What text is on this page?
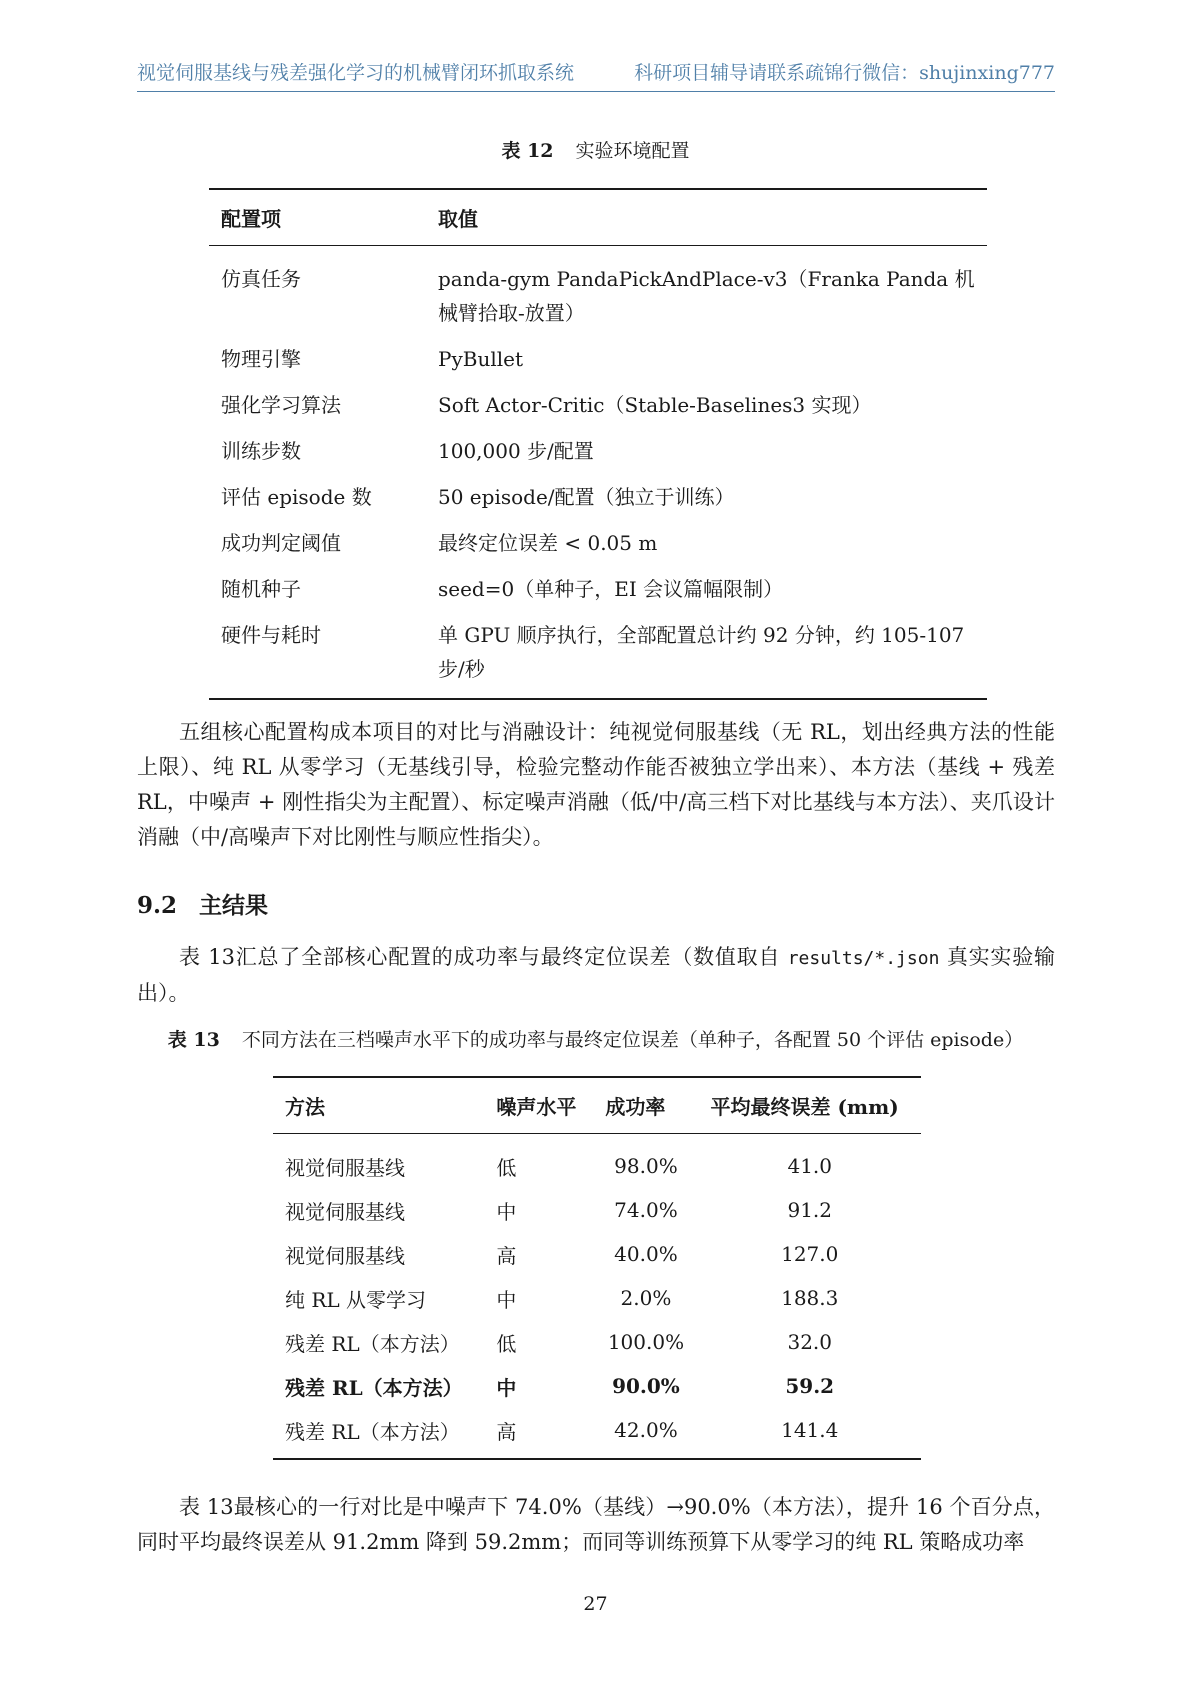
视觉伺服基线与残差强化学习的机械臂闭环抓取系统	科研项目辅导请联系疏锦行微信：shujinxing777
表 12 实验环境配置
配置项	取值
仿真任务	panda-gym PandaPickAndPlace-v3（Franka Panda 机械臂拾取-放置）
物理引擎	PyBullet
强化学习算法	Soft Actor-Critic（Stable-Baselines3 实现）
训练步数	100,000 步/配置
评估 episode 数	50 episode/配置（独立于训练）
成功判定阈值	最终定位误差 < 0.05 m
随机种子	seed=0（单种子，EI 会议篇幅限制）
硬件与耗时	单 GPU 顺序执行，全部配置总计约 92 分钟，约 105-107 步/秒

五组核心配置构成本项目的对比与消融设计：纯视觉伺服基线（无 RL，划出经典方法的性能上限）、纯 RL 从零学习（无基线引导，检验完整动作能否被独立学出来）、本方法（基线 + 残差 RL，中噪声 + 刚性指尖为主配置）、标定噪声消融（低/中/高三档下对比基线与本方法）、夹爪设计消融（中/高噪声下对比刚性与顺应性指尖）。

9.2 主结果

表 13汇总了全部核心配置的成功率与最终定位误差（数值取自 results/*.json 真实实验输出）。

表 13 不同方法在三档噪声水平下的成功率与最终定位误差（单种子，各配置 50 个评估 episode）
方法	噪声水平	成功率	平均最终误差 (mm)
视觉伺服基线	低	98.0%	41.0
视觉伺服基线	中	74.0%	91.2
视觉伺服基线	高	40.0%	127.0
纯 RL 从零学习	中	2.0%	188.3
残差 RL（本方法）	低	100.0%	32.0
残差 RL（本方法）	中	90.0%	59.2
残差 RL（本方法）	高	42.0%	141.4

表 13最核心的一行对比是中噪声下 74.0%（基线）→90.0%（本方法），提升 16 个百分点，同时平均最终误差从 91.2mm 降到 59.2mm；而同等训练预算下从零学习的纯 RL 策略成功率

27
